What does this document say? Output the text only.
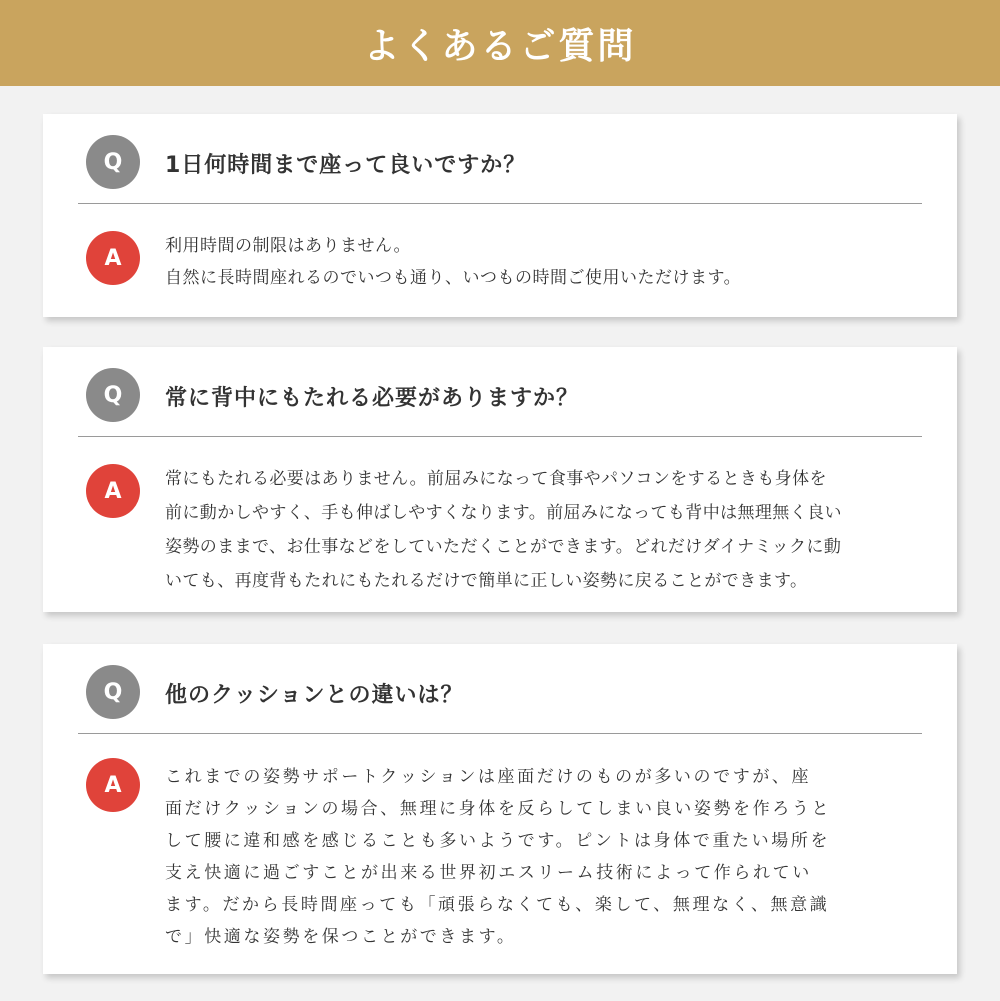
よくあるご質問
Q	1日何時間まで座って良いですか？
A	利用時間の制限はありません。
自然に長時間座れるのでいつも通り、いつもの時間ご使用いただけます。
Q	常に背中にもたれる必要がありますか？
A	常にもたれる必要はありません。前屈みになって食事やパソコンをするときも身体を
前に動かしやすく、手も伸ばしやすくなります。前屈みになっても背中は無理無く良い
姿勢のままで、お仕事などをしていただくことができます。どれだけダイナミックに動
いても、再度背もたれにもたれるだけで簡単に正しい姿勢に戻ることができます。
Q	他のクッションとの違いは？
A	これまでの姿勢サポートクッションは座面だけのものが多いのですが、座
面だけクッションの場合、無理に身体を反らしてしまい良い姿勢を作ろうと
して腰に違和感を感じることも多いようです。ピントは身体で重たい場所を
支え快適に過ごすことが出来る世界初エスリーム技術によって作られてい
ます。だから長時間座っても「頑張らなくても、楽して、無理なく、無意識
で」快適な姿勢を保つことができます。
